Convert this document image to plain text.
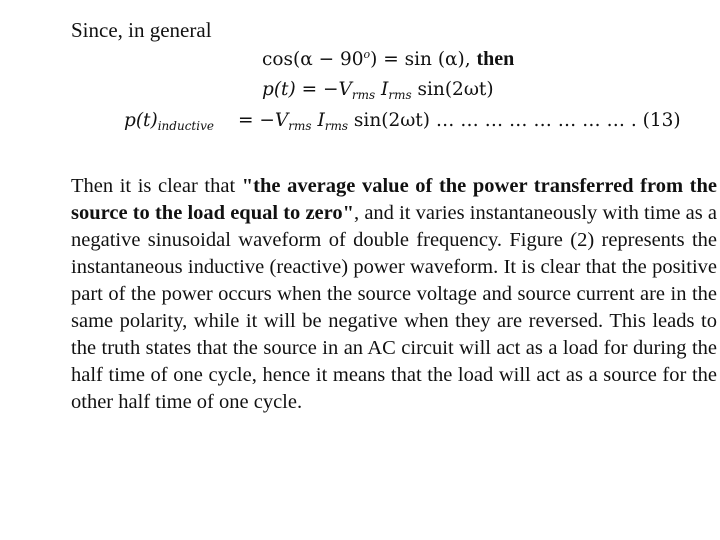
Since, in general
$\cos(\alpha - 90^o) = \sin (\alpha)$, then
$p(t) = -V_{rms}$ $I_{rms}$ sin(2ωt)
$p(t)_{inductive} = -V_{rms}$ $I_{rms}$ sin(2ωt) … … … … … … … … . (13)

Then it is clear that "the average value of the power transferred from the source to the load equal to zero", and it varies instantaneously with time as a negative sinusoidal waveform of double frequency. Figure (2) represents the instantaneous inductive (reactive) power waveform. It is clear that the positive part of the power occurs when the source voltage and source current are in the same polarity, while it will be negative when they are reversed. This leads to the truth states that the source in an AC circuit will act as a load for during the half time of one cycle, hence it means that the load will act as a source for the other half time of one cycle.
